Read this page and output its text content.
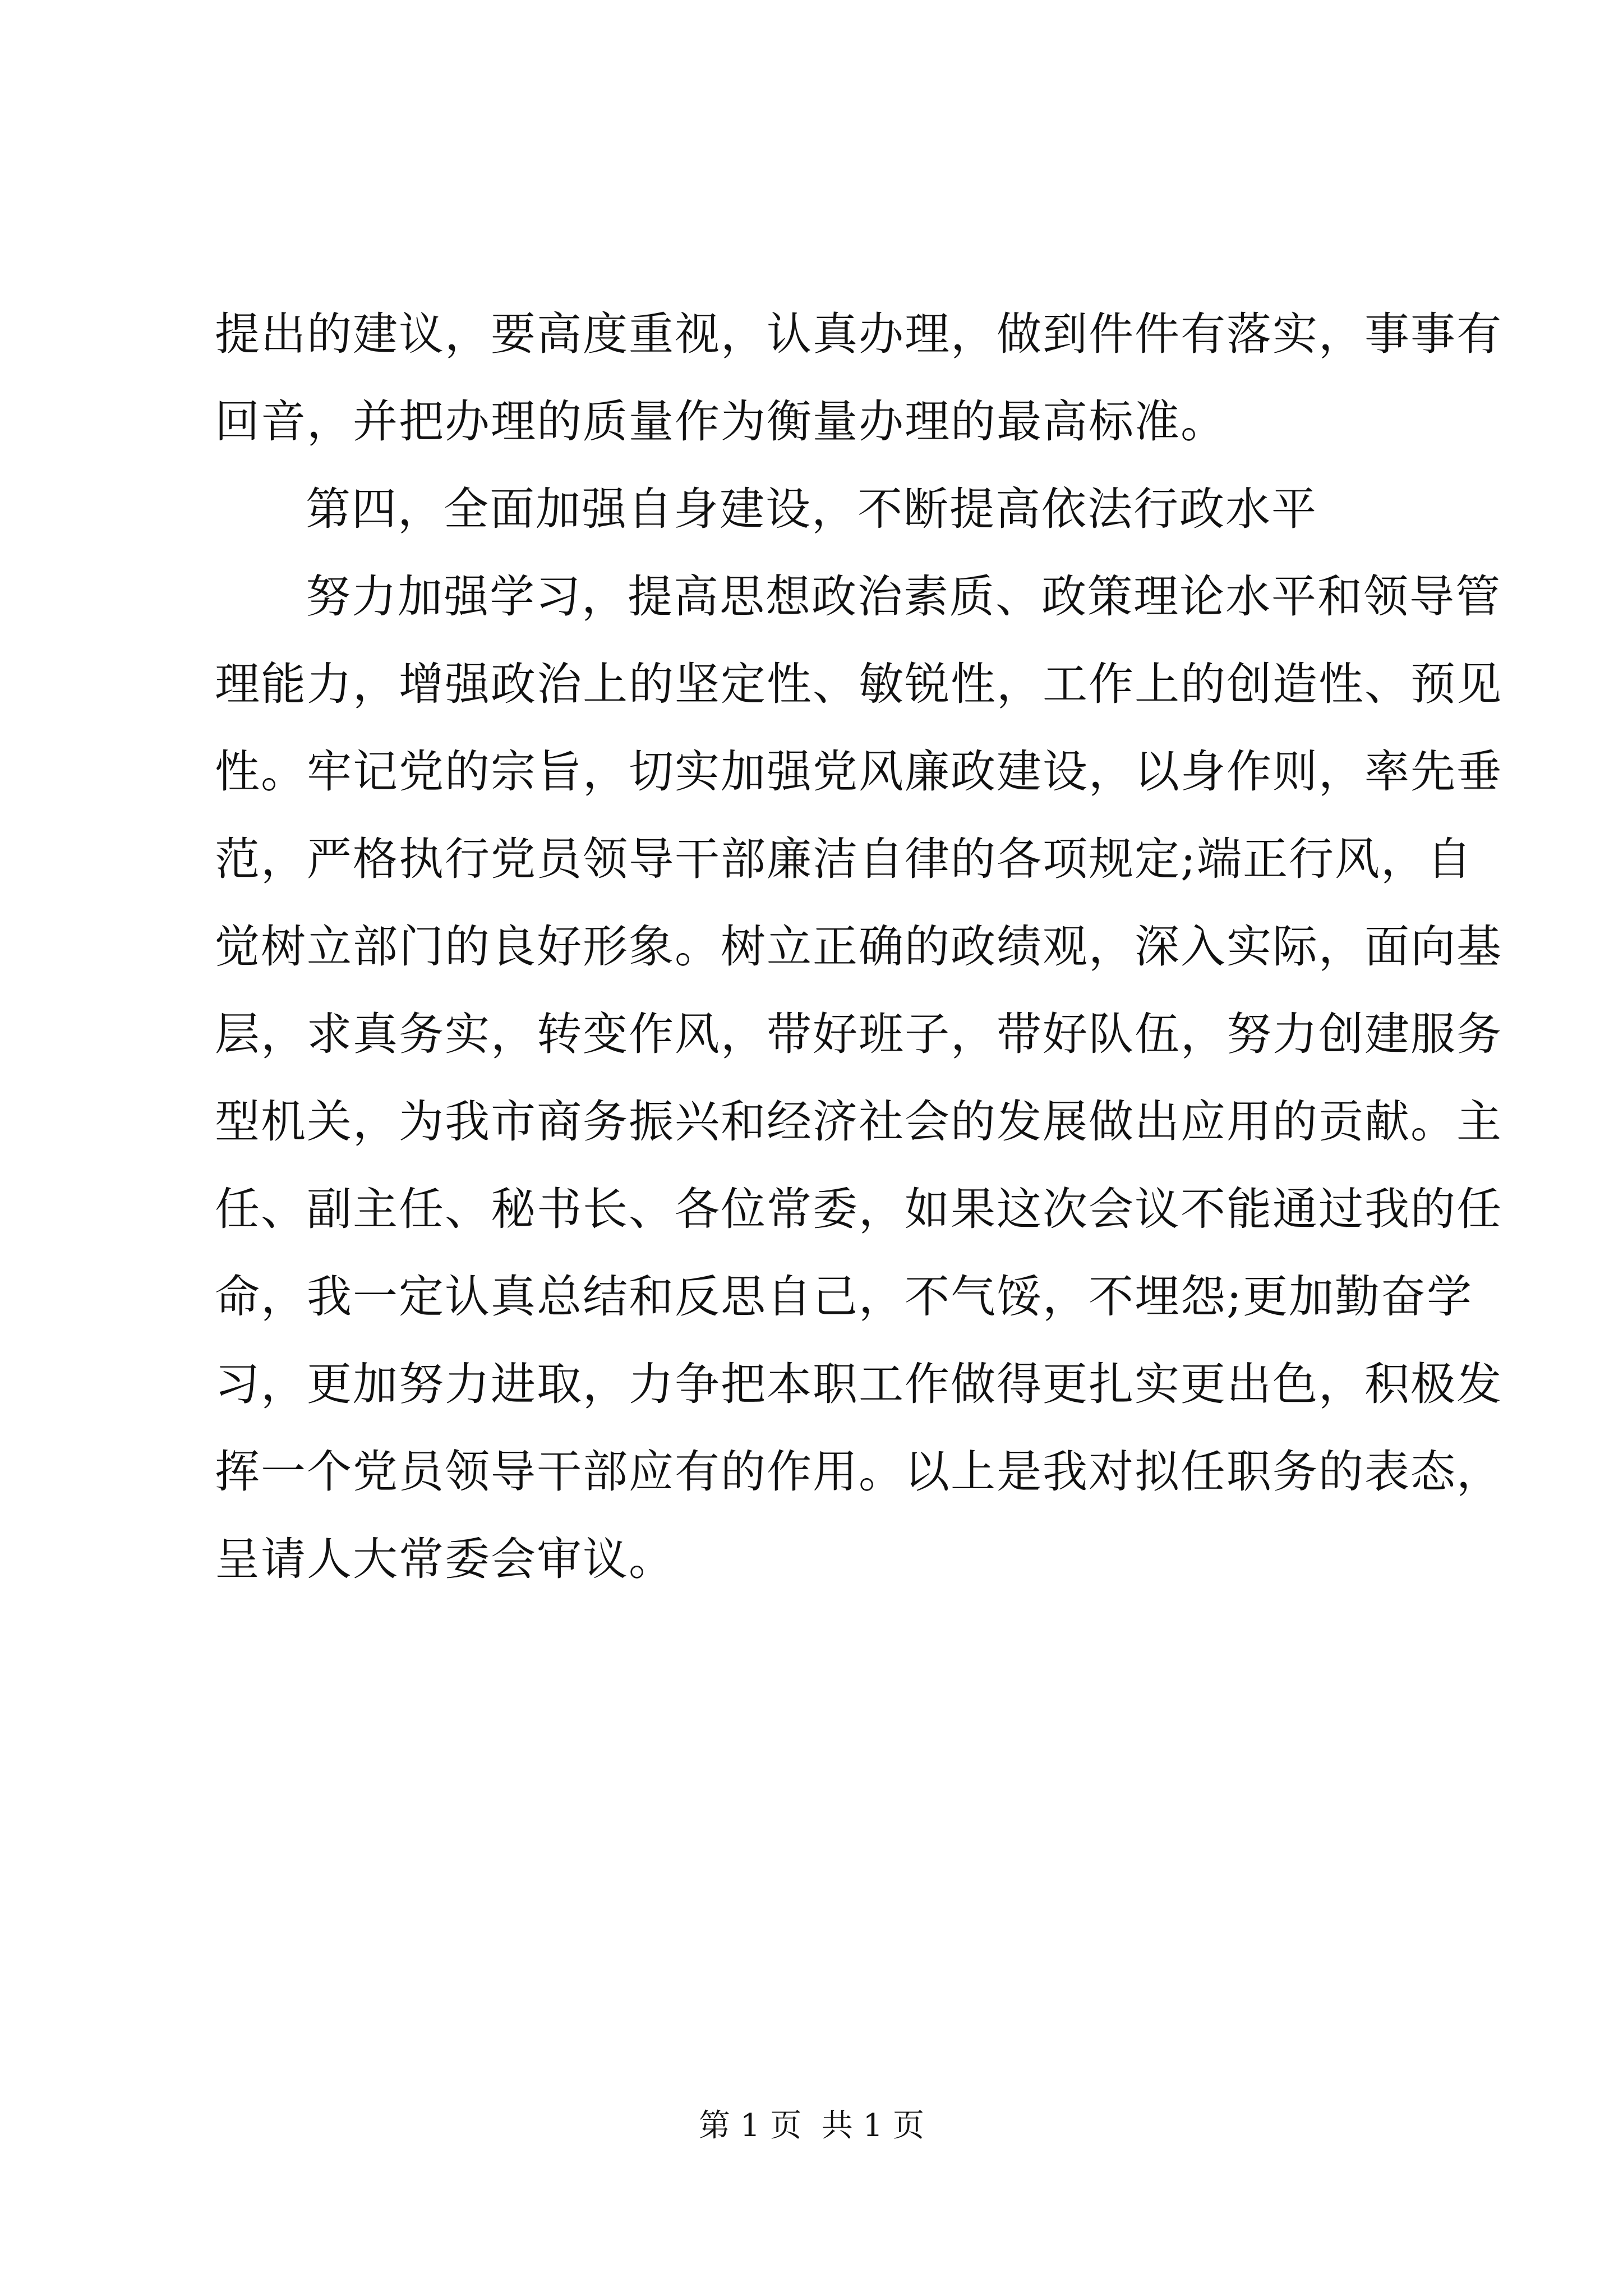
提出的建议，要高度重视，认真办理，做到件件有落实，事事有
回音，并把办理的质量作为衡量办理的最高标准。
第四，全面加强自身建设，不断提高依法行政水平
努力加强学习，提高思想政治素质、政策理论水平和领导管
理能力，增强政治上的坚定性、敏锐性，工作上的创造性、预见
性。牢记党的宗旨，切实加强党风廉政建设，以身作则，率先垂
范，严格执行党员领导干部廉洁自律的各项规定;端正行风，自
觉树立部门的良好形象。树立正确的政绩观，深入实际，面向基
层，求真务实，转变作风，带好班子，带好队伍，努力创建服务
型机关，为我市商务振兴和经济社会的发展做出应用的贡献。主
任、副主任、秘书长、各位常委，如果这次会议不能通过我的任
命，我一定认真总结和反思自己，不气馁，不埋怨;更加勤奋学
习，更加努力进取，力争把本职工作做得更扎实更出色，积极发
挥一个党员领导干部应有的作用。以上是我对拟任职务的表态，
呈请人大常委会审议。
第 1 页  共 1 页
